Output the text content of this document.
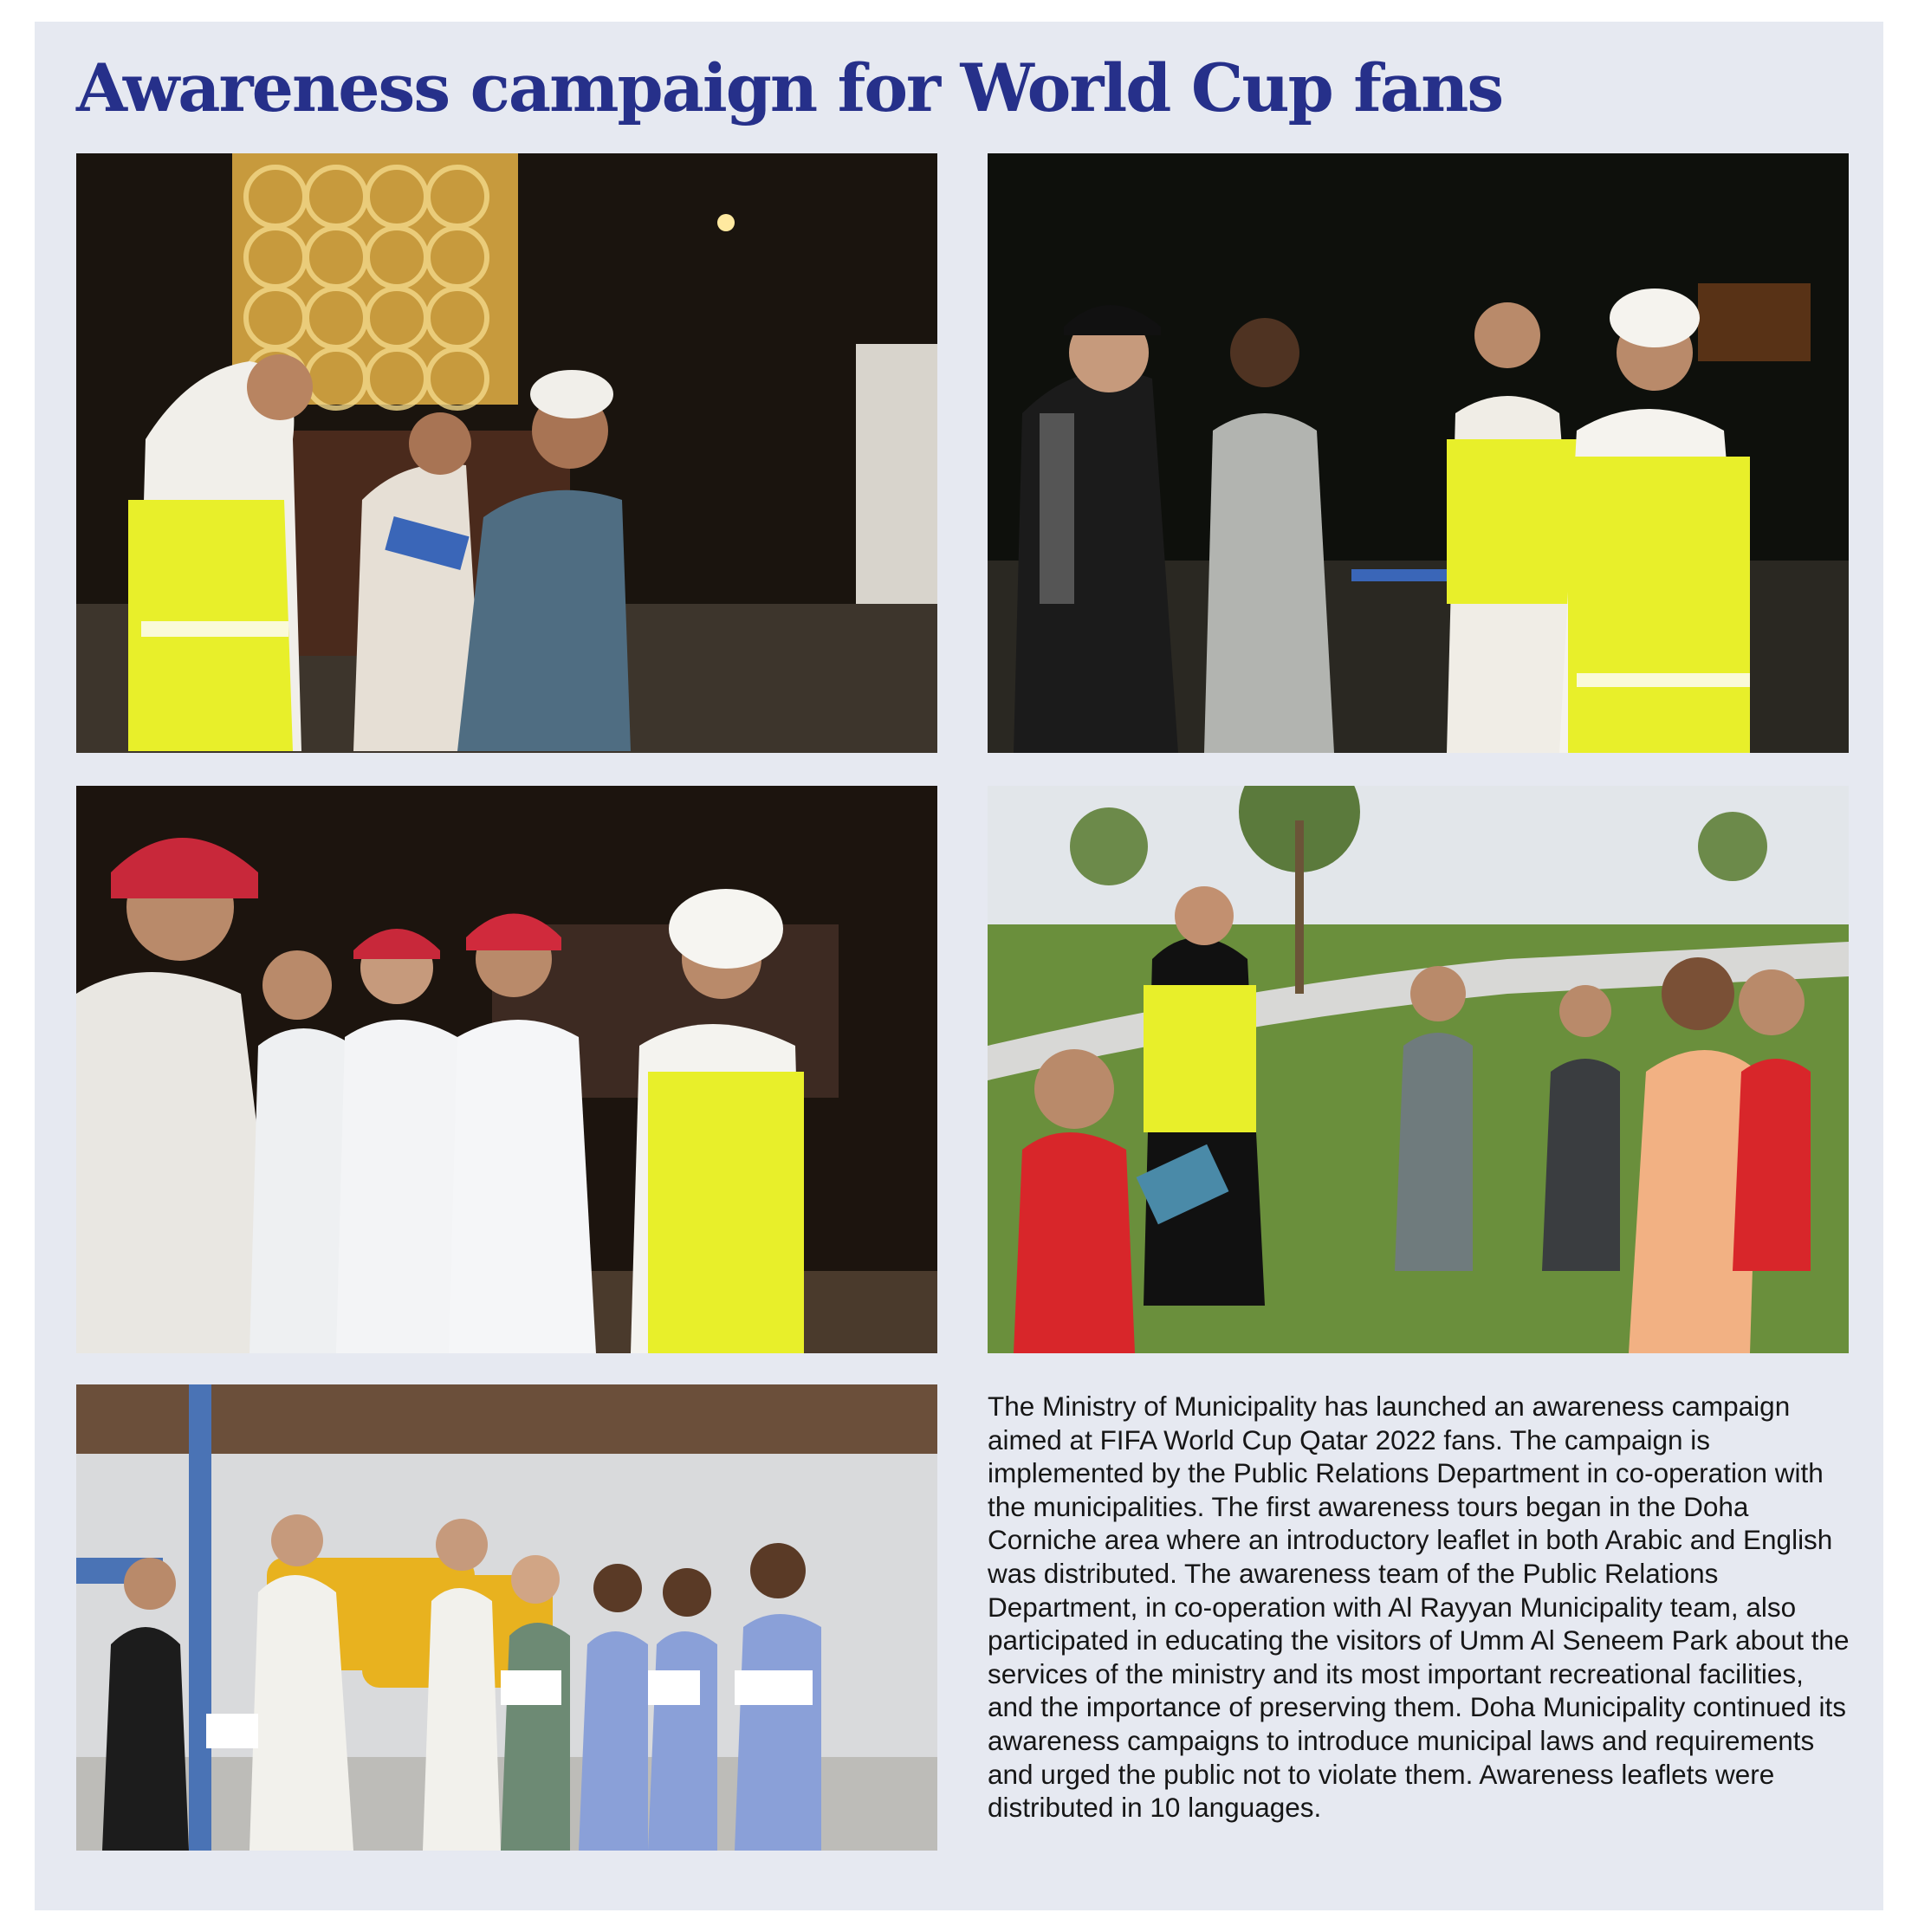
Awareness campaign for World Cup fans

The Ministry of Municipality has launched an awareness campaign aimed at FIFA World Cup Qatar 2022 fans. The campaign is implemented by the Public Relations Department in co-operation with the municipalities. The first awareness tours began in the Doha Corniche area where an introductory leaflet in both Arabic and English was distributed. The awareness team of the Public Relations Department, in co-operation with Al Rayyan Municipality team, also participated in educating the visitors of Umm Al Seneem Park about the services of the ministry and its most important recreational facilities, and the importance of preserving them. Doha Municipality continued its awareness campaigns to introduce municipal laws and requirements and urged the public not to violate them. Awareness leaflets were distributed in 10 languages.
